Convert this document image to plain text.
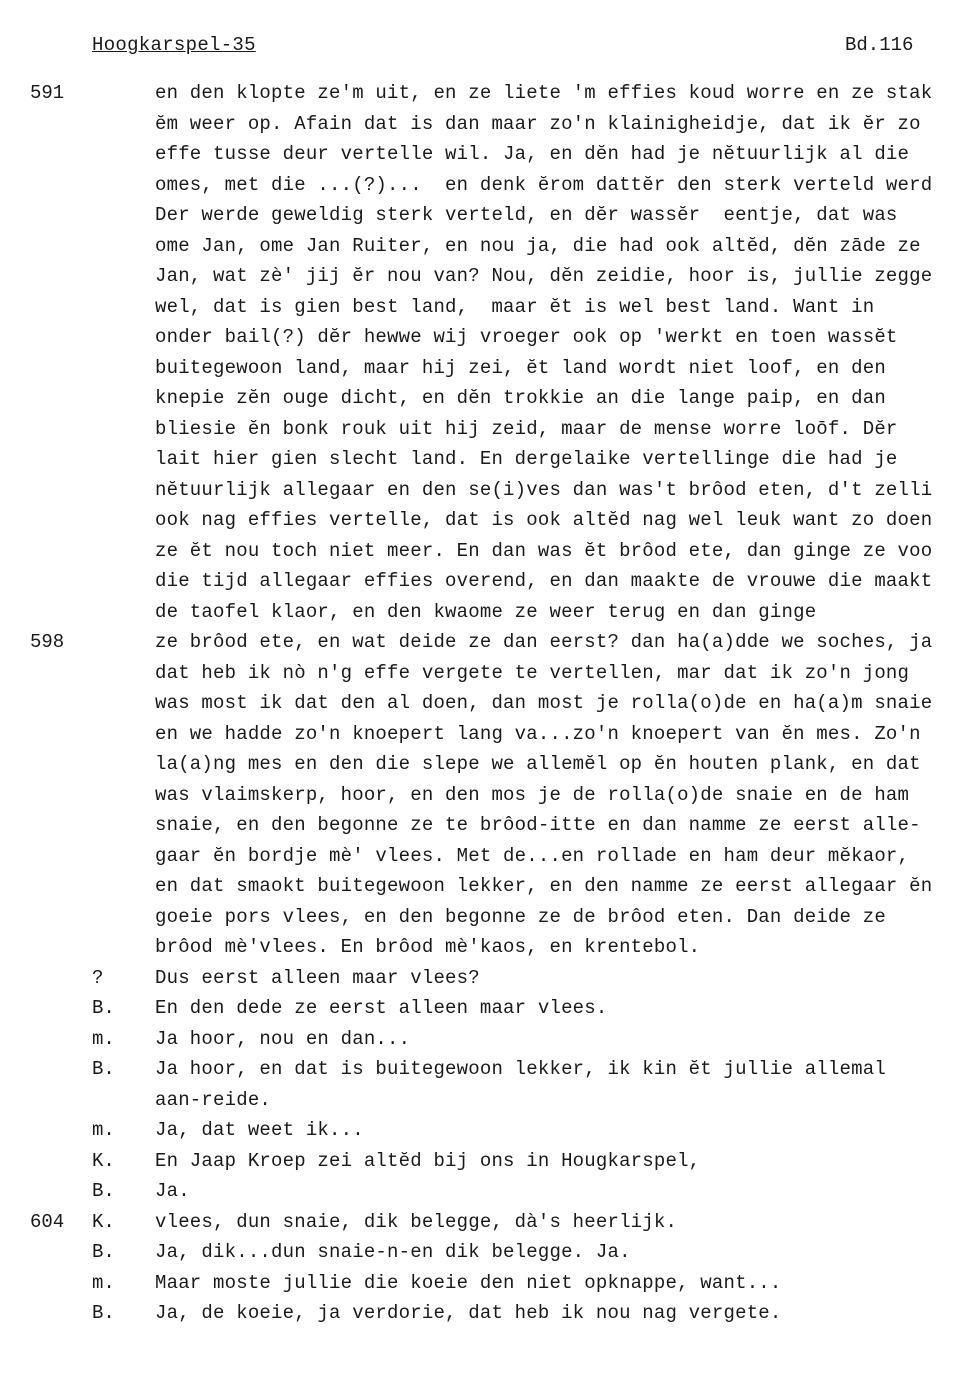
Hoogkarspel-35	Bd.116
591	en den klopte ze'm uit, en ze liete 'm effies koud worre en ze stak
ĕm weer op. Afain dat is dan maar zo'n klainigheidje, dat ik ĕr zo
effe tusse deur vertelle wil. Ja, en dĕn had je nĕtuurlijk al die
omes, met die ...(?)...  en denk ĕrom dattĕr den sterk verteld werd
Der werde geweldig sterk verteld, en dĕr wassĕr  eentje, dat was
ome Jan, ome Jan Ruiter, en nou ja, die had ook altĕd, dĕn zāde ze
Jan, wat zè' jij ĕr nou van? Nou, dĕn zeidie, hoor is, jullie zegge
wel, dat is gien best land,  maar ĕt is wel best land. Want in
onder bail(?) dĕr hewwe wij vroeger ook op 'werkt en toen wassĕt
buitegewoon land, maar hij zei, ĕt land wordt niet loof, en den
knepie zĕn ouge dicht, en dĕn trokkie an die lange paip, en dan
bliesie ĕn bonk rouk uit hij zeid, maar de mense worre loōf. Dĕr
lait hier gien slecht land. En dergelaike vertellinge die had je
nĕtuurlijk allegaar en den se(i)ves dan was't brôod eten, d't zelli
ook nag effies vertelle, dat is ook altĕd nag wel leuk want zo doen
ze ĕt nou toch niet meer. En dan was ĕt brôod ete, dan ginge ze voo
die tijd allegaar effies overend, en dan maakte de vrouwe die maakt
de taofel klaor, en den kwaome ze weer terug en dan ginge
598	ze brôod ete, en wat deide ze dan eerst? dan ha(a)dde we soches, ja
dat heb ik nò n'g effe vergete te vertellen, mar dat ik zo'n jong
was most ik dat den al doen, dan most je rolla(o)de en ha(a)m snaie
en we hadde zo'n knoepert lang va...zo'n knoepert van ĕn mes. Zo'n
la(a)ng mes en den die slepe we allemĕl op ĕn houten plank, en dat
was vlaimskerp, hoor, en den mos je de rolla(o)de snaie en de ham
snaie, en den begonne ze te brôod-itte en dan namme ze eerst alle-
gaar ĕn bordje mè' vlees. Met de...en rollade en ham deur mĕkaor,
en dat smaokt buitegewoon lekker, en den namme ze eerst allegaar ĕn
goeie pors vlees, en den begonne ze de brôod eten. Dan deide ze
brôod mè'vlees. En brôod mè'kaos, en krentebol.
?	Dus eerst alleen maar vlees?
B. En den dede ze eerst alleen maar vlees.
m. Ja hoor, nou en dan...
B. Ja hoor, en dat is buitegewoon lekker, ik kin ĕt jullie allemal
aan-reide.
m. Ja, dat weet ik...
K. En Jaap Kroep zei altĕd bij ons in Hougkarspel,
B. Ja.
604 K. vlees, dun snaie, dik belegge, dà's heerlijk.
B. Ja, dik...dun snaie-n-en dik belegge. Ja.
m. Maar moste jullie die koeie den niet opknappe, want...
B. Ja, de koeie, ja verdorie, dat heb ik nou nag vergete.
